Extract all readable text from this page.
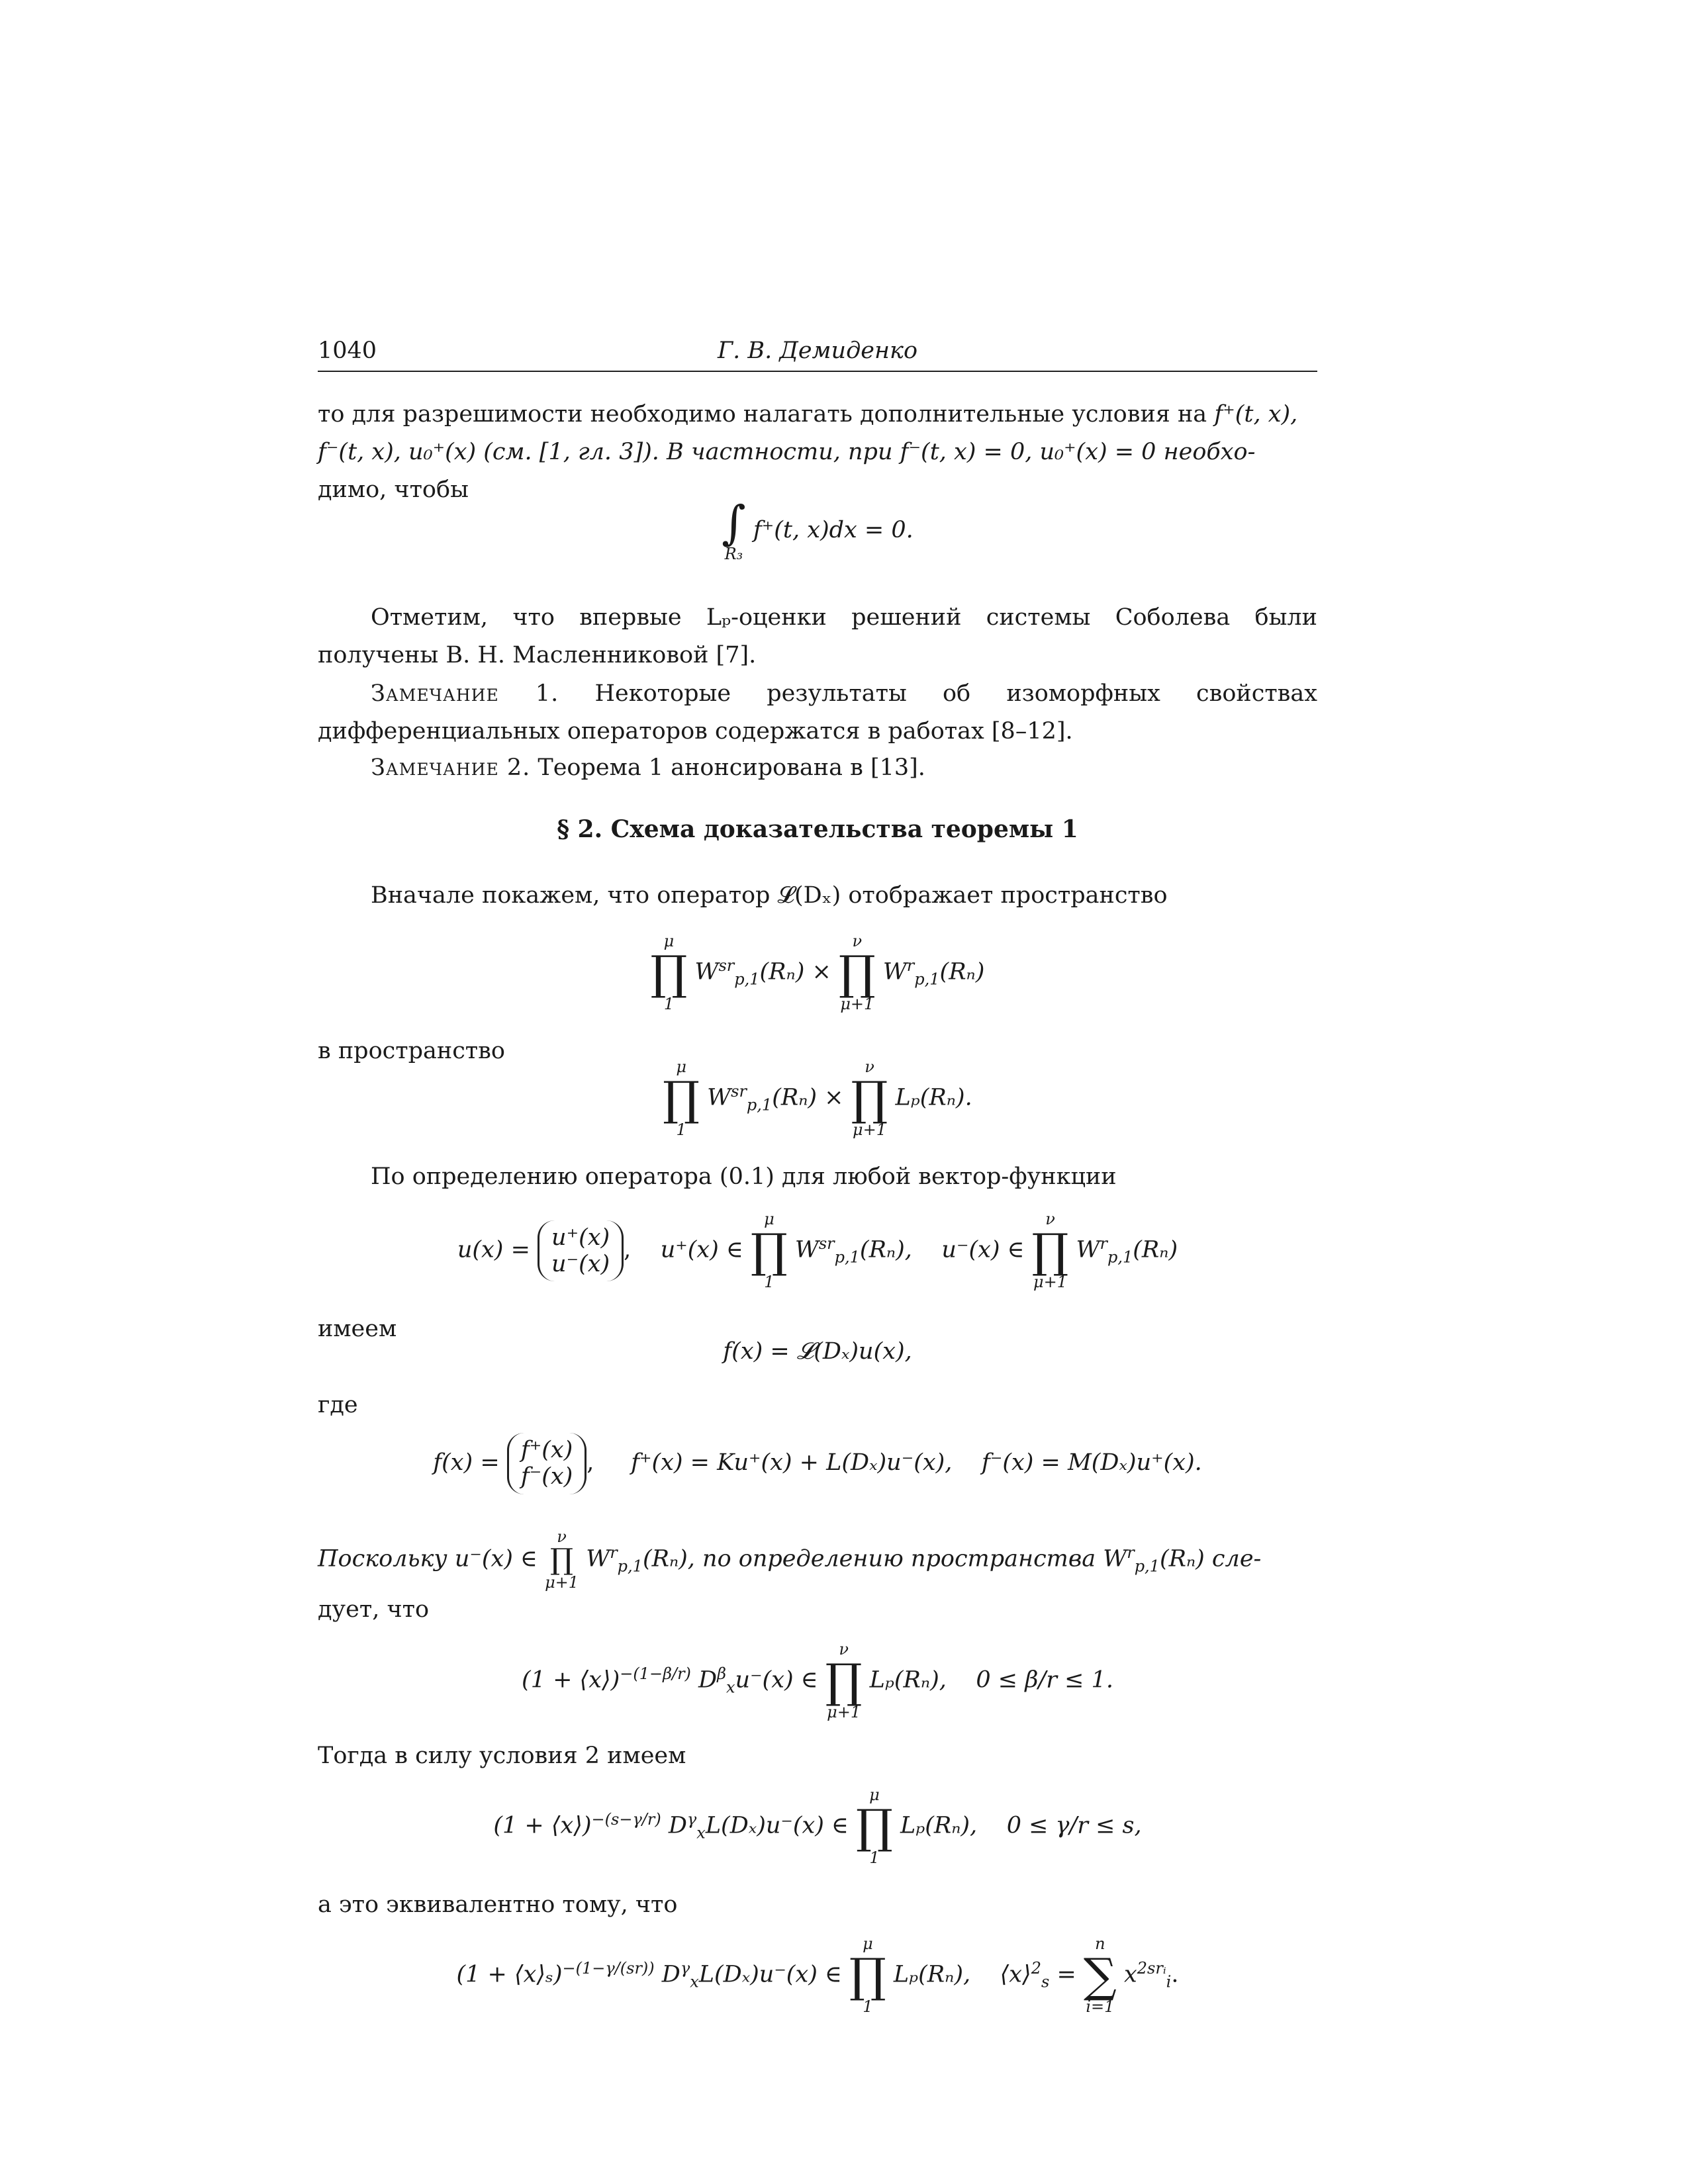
1040	Г. В. Демиденко
то для разрешимости необходимо налагать дополнительные условия на f⁺(t, x),
f⁻(t, x), u₀⁺(x) (см. [1, гл. 3]). В частности, при f⁻(t, x) = 0, u₀⁺(x) = 0 необхо-
димо, чтобы
∫
R₃
f⁺(t, x)dx = 0.
Отметим, что впервые Lₚ-оценки решений системы Соболева были получены В. Н. Масленниковой [7].
Замечание 1. Некоторые результаты об изоморфных свойствах дифференциальных операторов содержатся в работах [8–12].
Замечание 2. Теорема 1 анонсирована в [13].
§ 2. Схема доказательства теоремы 1
Вначале покажем, что оператор 𝓛(Dₓ) отображает пространство
μ
∏
1
$W^{sr}_{p,1}(R_n)$ ×
ν
∏
μ+1
$W^r_{p,1}(R_n)$
в пространство
μ
∏
1
$W^{sr}_{p,1}(R_n)$ ×
ν
∏
μ+1
Lₚ(Rₙ).
По определению оператора (0.1) для любой вектор-функции
u(x) = u⁺(x)
u⁻(x),    u⁺(x) ∈
μ
∏
1
$W^{sr}_{p,1}(R_n)$, u⁻(x) ∈
ν
∏
μ+1
$W^r_{p,1}(R_n)$
имеем
f(x) = 𝓛(Dₓ)u(x),
где
f(x) = f⁺(x)
f⁻(x),     f⁺(x) = Ku⁺(x) + L(Dₓ)u⁻(x), f⁻(x) = M(Dₓ)u⁺(x).
Поскольку u⁻(x) ∈
ν
∏
μ+1
$W^r_{p,1}(R_n)$, по определению пространства $W^r_{p,1}(R_n)$ сле-
дует, что
(1 + ⟨x⟩)$^{-(1-\beta/r)}$ $D^\beta_xu^-(x)$ ∈
ν
∏
μ+1
Lₚ(Rₙ), 0 ≤ β/r ≤ 1.
Тогда в силу условия 2 имеем
(1 + ⟨x⟩)$^{-(s-\gamma/r)}$ $D^\gamma_xL(D_x)u^-(x)$ ∈
μ
∏
1
Lₚ(Rₙ), 0 ≤ γ/r ≤ s,
а это эквивалентно тому, что
(1 + ⟨x⟩ₛ)$^{-(1-\gamma/(sr))}$ $D^\gamma_xL(D_x)u^-(x)$ ∈
μ
∏
1
Lₚ(Rₙ), ⟨x⟩$^2_s$ =
n
∑
i=1
$x^{2srᵢ}_i$.
